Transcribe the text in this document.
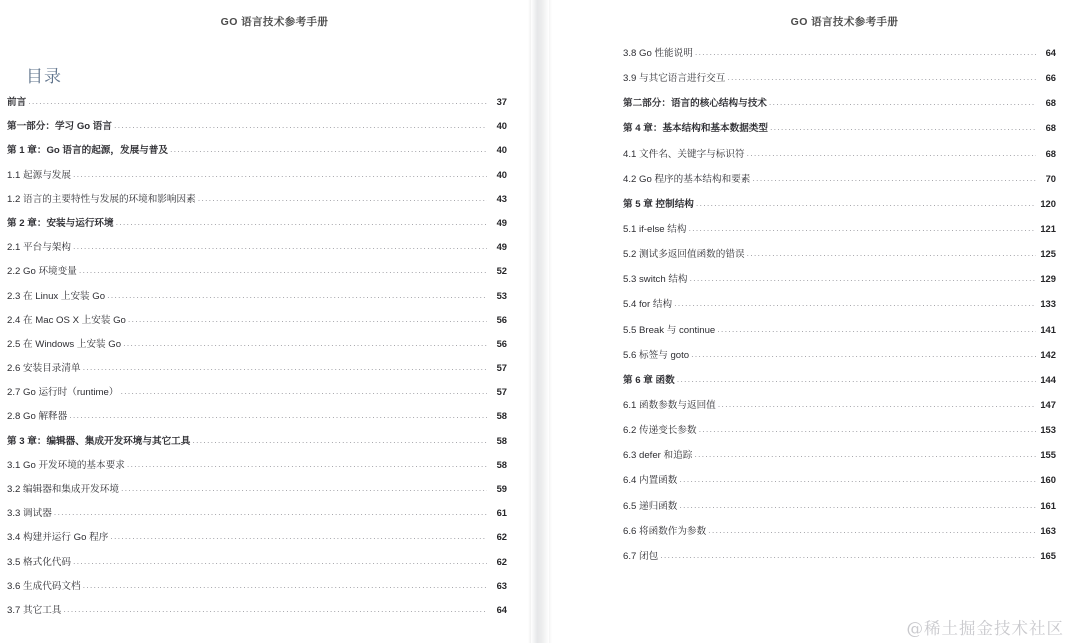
GO 语言技术参考手册
目录
前言 .....	37
第一部分：学习 Go 语言 .....	40
第 1 章：Go 语言的起源，发展与普及 .....	40
1.1 起源与发展 .....	40
1.2 语言的主要特性与发展的环境和影响因素 .....	43
第 2 章：安装与运行环境 .....	49
2.1 平台与架构 .....	49
2.2 Go 环境变量 .....	52
2.3 在 Linux 上安装 Go .....	53
2.4 在 Mac OS X 上安装 Go .....	56
2.5 在 Windows 上安装 Go .....	56
2.6 安装目录清单 .....	57
2.7 Go 运行时（runtime） .....	57
2.8 Go 解释器 .....	58
第 3 章：编辑器、集成开发环境与其它工具 .....	58
3.1 Go 开发环境的基本要求 .....	58
3.2 编辑器和集成开发环境 .....	59
3.3 调试器 .....	61
3.4 构建并运行 Go 程序 .....	62
3.5 格式化代码 .....	62
3.6 生成代码文档 .....	63
3.7 其它工具 .....	64
GO 语言技术参考手册
3.8 Go 性能说明 .....	64
3.9 与其它语言进行交互 .....	66
第二部分：语言的核心结构与技术 .....	68
第 4 章：基本结构和基本数据类型 .....	68
4.1 文件名、关键字与标识符 .....	68
4.2 Go 程序的基本结构和要素 .....	70
第 5 章 控制结构 .....	120
5.1 if-else 结构 .....	121
5.2 测试多返回值函数的错误 .....	125
5.3 switch 结构 .....	129
5.4 for 结构 .....	133
5.5 Break 与 continue .....	141
5.6 标签与 goto .....	142
第 6 章 函数 .....	144
6.1 函数参数与返回值 .....	147
6.2 传递变长参数 .....	153
6.3 defer 和追踪 .....	155
6.4 内置函数 .....	160
6.5 递归函数 .....	161
6.6 将函数作为参数 .....	163
6.7 闭包 .....	165
@稀土掘金技术社区
